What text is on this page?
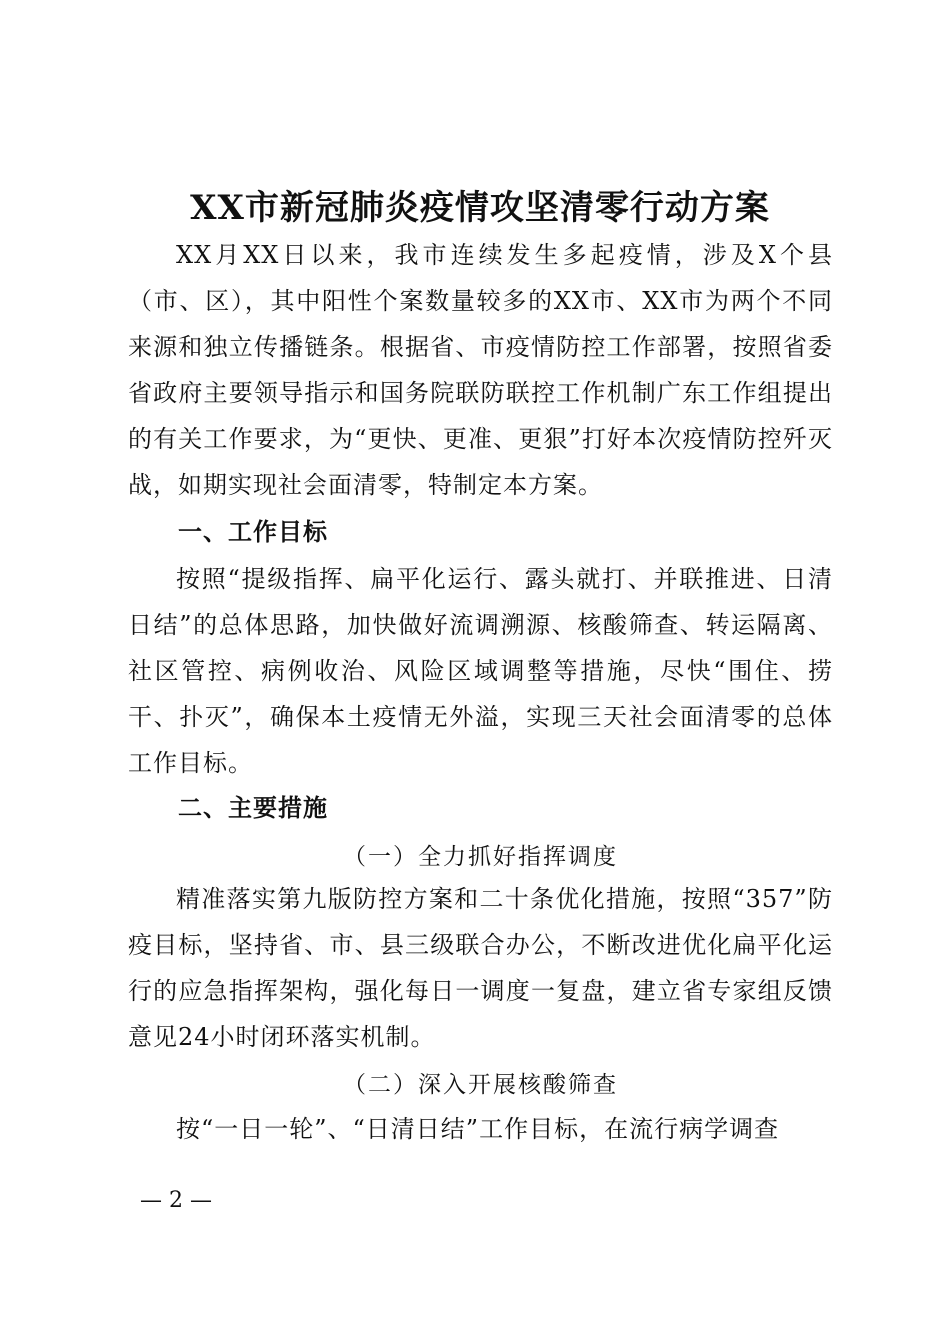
XX市新冠肺炎疫情攻坚清零行动方案
XX月XX日以来，我市连续发生多起疫情，涉及X个县（市、区），其中阳性个案数量较多的XX市、XX市为两个不同来源和独立传播链条。根据省、市疫情防控工作部署，按照省委省政府主要领导指示和国务院联防联控工作机制广东工作组提出的有关工作要求，为“更快、更准、更狠”打好本次疫情防控歼灭战，如期实现社会面清零，特制定本方案。
一、工作目标
按照“提级指挥、扁平化运行、露头就打、并联推进、日清日结”的总体思路，加快做好流调溯源、核酸筛查、转运隔离、社区管控、病例收治、风险区域调整等措施，尽快“围住、捞干、扑灭”，确保本土疫情无外溢，实现三天社会面清零的总体工作目标。
二、主要措施
（一）全力抓好指挥调度
精准落实第九版防控方案和二十条优化措施，按照“357”防疫目标，坚持省、市、县三级联合办公，不断改进优化扁平化运行的应急指挥架构，强化每日一调度一复盘，建立省专家组反馈意见24小时闭环落实机制。
（二）深入开展核酸筛查
按“一日一轮”、“日清日结”工作目标，在流行病学调查
— 2 —
